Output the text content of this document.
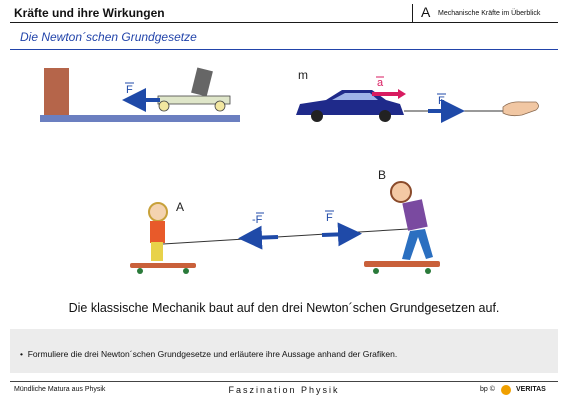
Kräfte und ihre Wirkungen	A Mechanische Kräfte im Überblick
Die Newton´schen Grundgesetze
F
m
a
F
A
-F	F
B
Die klassische Mechanik baut auf den drei Newton´schen Grundgesetzen auf.
• Formuliere die drei Newton´schen Grundgesetze und erläutere ihre Aussage anhand der Grafiken.
Mündliche Matura aus Physik	Faszination Physik	bp ©	VERITAS
